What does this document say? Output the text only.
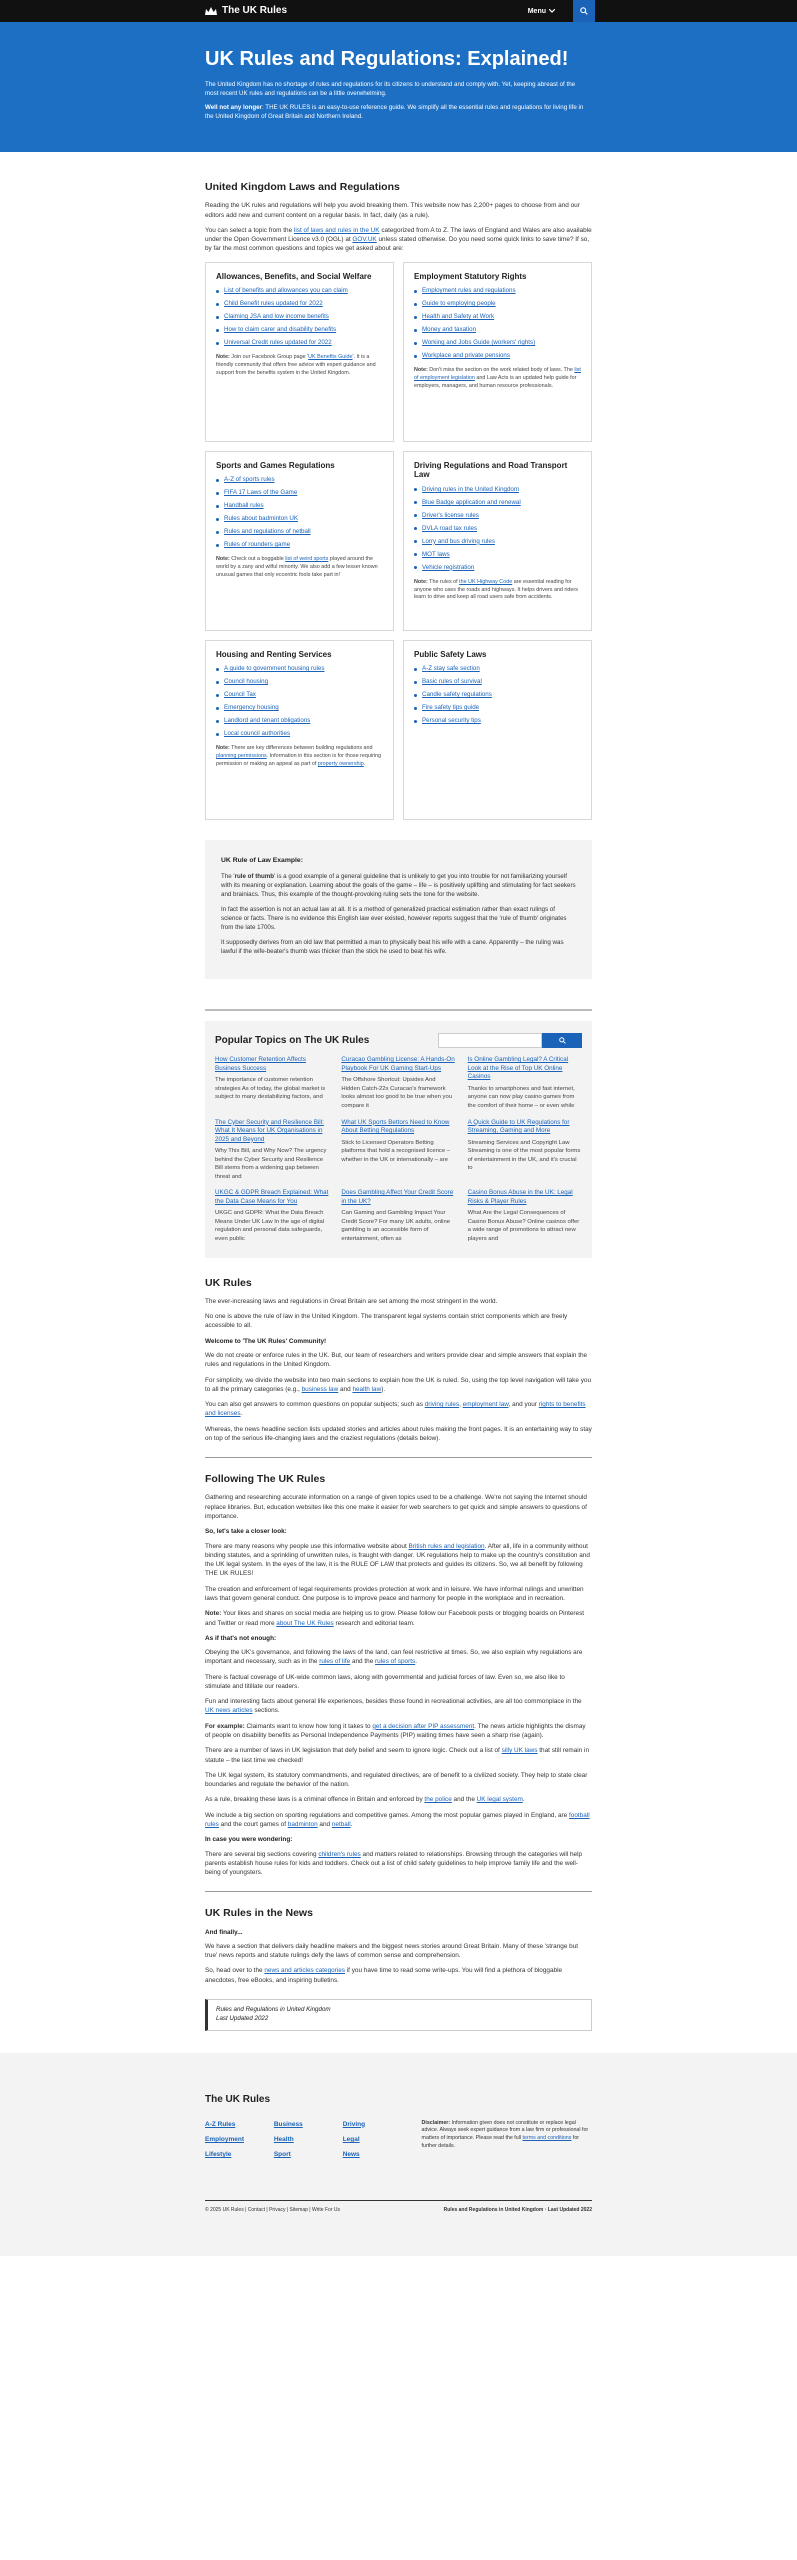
The UK Rules	Menu
UK Rules and Regulations: Explained!

The United Kingdom has no shortage of rules and regulations for its citizens to understand and comply with. Yet, keeping abreast of the most recent UK rules and regulations can be a little overwhelming.

Well not any longer: THE UK RULES is an easy-to-use reference guide. We simplify all the essential rules and regulations for living life in the United Kingdom of Great Britain and Northern Ireland.

United Kingdom Laws and Regulations

Reading the UK rules and regulations will help you avoid breaking them. This website now has 2,200+ pages to choose from and our editors add new and current content on a regular basis. In fact, daily (as a rule).

You can select a topic from the list of laws and rules in the UK categorized from A to Z. The laws of England and Wales are also available under the Open Government Licence v3.0 (OGL) at GOV.UK unless stated otherwise. Do you need some quick links to save time? If so, by far the most common questions and topics we get asked about are:

Allowances, Benefits, and Social Welfare
List of benefits and allowances you can claim
Child Benefit rules updated for 2022
Claiming JSA and low income benefits
How to claim carer and disability benefits
Universal Credit rules updated for 2022

Note: Join our Facebook Group page 'UK Benefits Guide'. It is a friendly community that offers free advice with expert guidance and support from the benefits system in the United Kingdom.

Employment Statutory Rights
Employment rules and regulations
Guide to employing people
Health and Safety at Work
Money and taxation
Working and Jobs Guide (workers' rights)
Workplace and private pensions

Note: Don't miss the section on the work related body of laws. The list of employment legislation and Law Acts is an updated help guide for employers, managers, and human resource professionals.

Sports and Games Regulations
A-Z of sports rules
FIFA 17 Laws of the Game
Handball rules
Rules about badminton UK
Rules and regulations of netball
Rules of rounders game

Note: Check out a boggable list of weird sports played around the world by a zany and wilful minority. We also add a few lesser known unusual games that only eccentric fools take part in!

Driving Regulations and Road Transport Law
Driving rules in the United Kingdom
Blue Badge application and renewal
Driver's license rules
DVLA road tax rules
Lorry and bus driving rules
MOT laws
Vehicle registration

Note: The rules of the UK Highway Code are essential reading for anyone who uses the roads and highways. It helps drivers and riders learn to drive and keep all road users safe from accidents.

Housing and Renting Services
A guide to government housing rules
Council housing
Council Tax
Emergency housing
Landlord and tenant obligations
Local council authorities

Note: There are key differences between building regulations and planning permissions. Information in this section is for those requiring permission or making an appeal as part of property ownership.

Public Safety Laws
A-Z stay safe section
Basic rules of survival
Candle safety regulations
Fire safety tips guide
Personal security tips
UK Rule of Law Example:

The 'rule of thumb' is a good example of a general guideline that is unlikely to get you into trouble for not familiarizing yourself with its meaning or explanation. Learning about the goals of the game – life – is positively uplifting and stimulating for fact seekers and brainiacs. Thus, this example of the thought-provoking ruling sets the tone for the website.

In fact the assertion is not an actual law at all. It is a method of generalized practical estimation rather than exact rulings of science or facts. There is no evidence this English law ever existed, however reports suggest that the 'rule of thumb' originates from the late 1700s.

It supposedly derives from an old law that permitted a man to physically beat his wife with a cane. Apparently – the ruling was lawful if the wife-beater's thumb was thicker than the stick he used to beat his wife.

Popular Topics on The UK Rules
How Customer Retention Affects Business Success

The importance of customer retention strategies As of today, the global market is subject to many destabilizing factors, and

Curacao Gambling License: A Hands-On Playbook For UK Gaming Start-Ups

The Offshore Shortcut: Upsides And Hidden Catch-22s Curacao's framework looks almost too good to be true when you compare it

Is Online Gambling Legal? A Critical Look at the Rise of Top UK Online Casinos

Thanks to smartphones and fast internet, anyone can now play casino games from the comfort of their home – or even while

The Cyber Security and Resilience Bill: What It Means for UK Organisations in 2025 and Beyond

Why This Bill, and Why Now? The urgency behind the Cyber Security and Resilience Bill stems from a widening gap between threat and

What UK Sports Bettors Need to Know About Betting Regulations

Stick to Licensed Operators Betting platforms that hold a recognised licence – whether in the UK or internationally – are

A Quick Guide to UK Regulations for Streaming, Gaming and More

Streaming Services and Copyright Law Streaming is one of the most popular forms of entertainment in the UK, and it's crucial to

UKGC & GDPR Breach Explained: What the Data Case Means for You

UKGC and GDPR: What the Data Breach Means Under UK Law In the age of digital regulation and personal data safeguards, even public

Does Gambling Affect Your Credit Score in the UK?

Can Gaming and Gambling Impact Your Credit Score? For many UK adults, online gambling is an accessible form of entertainment, often as

Casino Bonus Abuse in the UK: Legal Risks & Player Rules

What Are the Legal Consequences of Casino Bonus Abuse? Online casinos offer a wide range of promotions to attract new players and

UK Rules

The ever-increasing laws and regulations in Great Britain are set among the most stringent in the world.

No one is above the rule of law in the United Kingdom. The transparent legal systems contain strict components which are freely accessible to all.

Welcome to 'The UK Rules' Community!

We do not create or enforce rules in the UK. But, our team of researchers and writers provide clear and simple answers that explain the rules and regulations in the United Kingdom.

For simplicity, we divide the website into two main sections to explain how the UK is ruled. So, using the top level navigation will take you to all the primary categories (e.g., business law and health law).

You can also get answers to common questions on popular subjects; such as driving rules, employment law, and your rights to benefits and licenses.

Whereas, the news headline section lists updated stories and articles about rules making the front pages. It is an entertaining way to stay on top of the serious life-changing laws and the craziest regulations (details below).

Following The UK Rules

Gathering and researching accurate information on a range of given topics used to be a challenge. We're not saying the Internet should replace libraries. But, education websites like this one make it easier for web searchers to get quick and simple answers to questions of importance.

So, let's take a closer look:

There are many reasons why people use this informative website about British rules and legislation. After all, life in a community without binding statutes, and a sprinkling of unwritten rules, is fraught with danger. UK regulations help to make up the country's constitution and the UK legal system. In the eyes of the law, it is the RULE OF LAW that protects and guides its citizens. So, we all benefit by following THE UK RULES!

The creation and enforcement of legal requirements provides protection at work and in leisure. We have informal rulings and unwritten laws that govern general conduct. One purpose is to improve peace and harmony for people in the workplace and in recreation.

Note: Your likes and shares on social media are helping us to grow. Please follow our Facebook posts or blogging boards on Pinterest and Twitter or read more about The UK Rules research and editorial team.

As if that's not enough:

Obeying the UK's governance, and following the laws of the land, can feel restrictive at times. So, we also explain why regulations are important and necessary, such as in the rules of life and the rules of sports.

There is factual coverage of UK-wide common laws, along with governmental and judicial forces of law. Even so, we also like to stimulate and titillate our readers.

Fun and interesting facts about general life experiences, besides those found in recreational activities, are all too commonplace in the UK news articles sections.

For example: Claimants want to know how long it takes to get a decision after PIP assessment. The news article highlights the dismay of people on disability benefits as Personal Independence Payments (PIP) waiting times have seen a sharp rise (again).

There are a number of laws in UK legislation that defy belief and seem to ignore logic. Check out a list of silly UK laws that still remain in statute – the last time we checked!

The UK legal system, its statutory commandments, and regulated directives, are of benefit to a civilized society. They help to state clear boundaries and regulate the behavior of the nation.

As a rule, breaking these laws is a criminal offence in Britain and enforced by the police and the UK legal system.

We include a big section on sporting regulations and competitive games. Among the most popular games played in England, are football rules and the court games of badminton and netball.

In case you were wondering:

There are several big sections covering children's rules and matters related to relationships. Browsing through the categories will help parents establish house rules for kids and toddlers. Check out a list of child safety guidelines to help improve family life and the well-being of youngsters.

UK Rules in the News

And finally...

We have a section that delivers daily headline makers and the biggest news stories around Great Britain. Many of these 'strange but true' news reports and statute rulings defy the laws of common sense and comprehension.

So, head over to the news and articles categories if you have time to read some write-ups. You will find a plethora of bloggable anecdotes, free eBooks, and inspiring bulletins.

Rules and Regulations in United Kingdom

Last Updated 2022

The UK Rules
A-Z Rules
Employment
Lifestyle
Business
Health
Sport
Driving
Legal
News

Disclaimer: Information given does not constitute or replace legal advice. Always seek expert guidance from a law firm or professional for matters of importance. Please read the full terms and conditions for further details.

© 2025 UK Rules | Contact | Privacy | Sitemap | Write For Us	Rules and Regulations in United Kingdom · Last Updated 2022
